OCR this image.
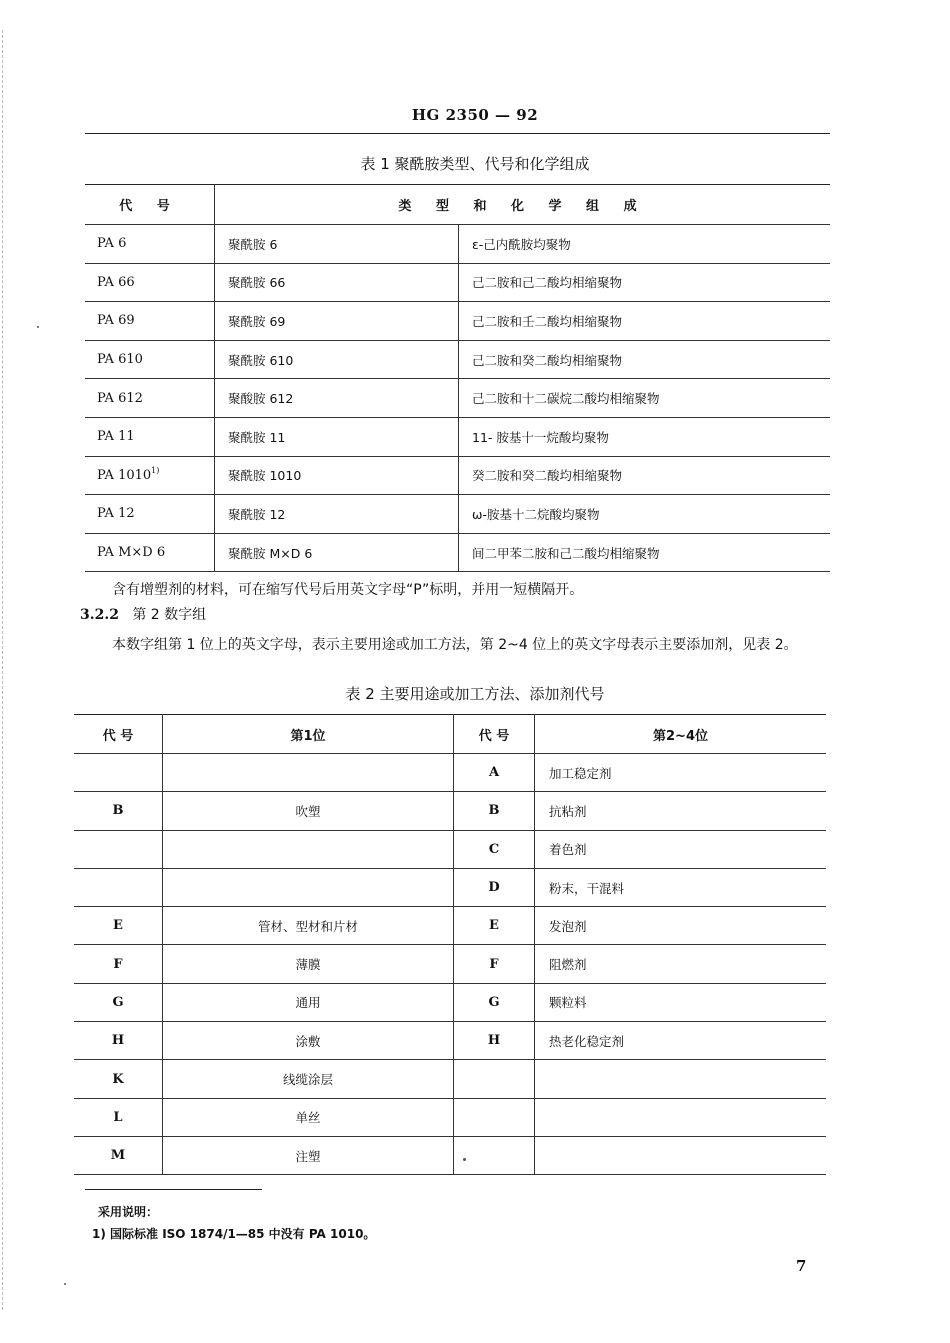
HG 2350 — 92
表 1 聚酰胺类型、代号和化学组成
代 号	类 型 和 化 学 组 成	
PA 6	聚酰胺 6	ε-己内酰胺均聚物
PA 66	聚酰胺 66	己二胺和己二酸均相缩聚物
PA 69	聚酰胺 69	己二胺和壬二酸均相缩聚物
PA 610	聚酰胺 610	己二胺和癸二酸均相缩聚物
PA 612	聚酸胺 612	己二胺和十二碳烷二酸均相缩聚物
PA 11	聚酰胺 11	11- 胺基十一烷酸均聚物
PA 1010$^{1)}$	聚酰胺 1010	癸二胺和癸二酸均相缩聚物
PA 12	聚酰胺 12	ω-胺基十二烷酸均聚物
PA M×D 6	聚酰胺 M×D 6	间二甲苯二胺和己二酸均相缩聚物
含有增塑剂的材料，可在缩写代号后用英文字母“P”标明，并用一短横隔开。
3.2.2 第 2 数字组
本数字组第 1 位上的英文字母，表示主要用途或加工方法，第 2~4 位上的英文字母表示主要添加剂，见表 2。
表 2 主要用途或加工方法、添加剂代号
代 号	第1位	代 号	第2~4位
		A	加工稳定剂
B	吹塑	B	抗粘剂
		C	着色剂
		D	粉末，干混料
E	管材、型材和片材	E	发泡剂
F	薄膜	F	阻燃剂
G	通用	G	颗粒料
H	涂敷	H	热老化稳定剂
K	线缆涂层		
L	单丝		
M	注塑		
采用说明：
1) 国际标准 ISO 1874/1—85 中没有 PA 1010。
7
